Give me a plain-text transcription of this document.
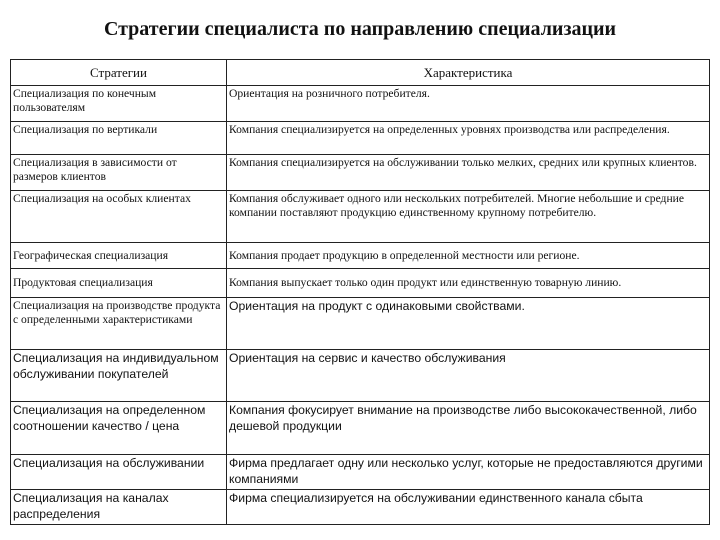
Стратегии специалиста по направлению специализации
Стратегии	Характеристика
Специализация по конечным пользователям	Ориентация на розничного потребителя.
Специализация по вертикали	Компания специализируется на определенных уровнях производства или распределения.
Специализация в зависимости от размеров клиентов	Компания специализируется на обслуживании только мелких, средних или крупных клиентов.
Специализация на особых клиентах	Компания обслуживает одного или нескольких потребителей. Многие небольшие и средние компании поставляют продукцию единственному крупному потребителю.
Географическая специализация	Компания продает продукцию в определенной местности или регионе.
Продуктовая специализация	Компания выпускает только один продукт или единственную товарную линию.
Специализация на производстве продукта с определенными характеристиками	Ориентация на продукт с одинаковыми свойствами.
Специализация на индивидуальном обслуживании покупателей	Ориентация на сервис и качество обслуживания
Специализация на определенном соотношении качество / цена	Компания фокусирует внимание на производстве либо высококачественной, либо дешевой продукции
Специализация на обслуживании	Фирма предлагает одну или несколько услуг, которые не предоставляются другими компаниями
Специализация на каналах распределения	Фирма специализируется на обслуживании единственного канала сбыта
